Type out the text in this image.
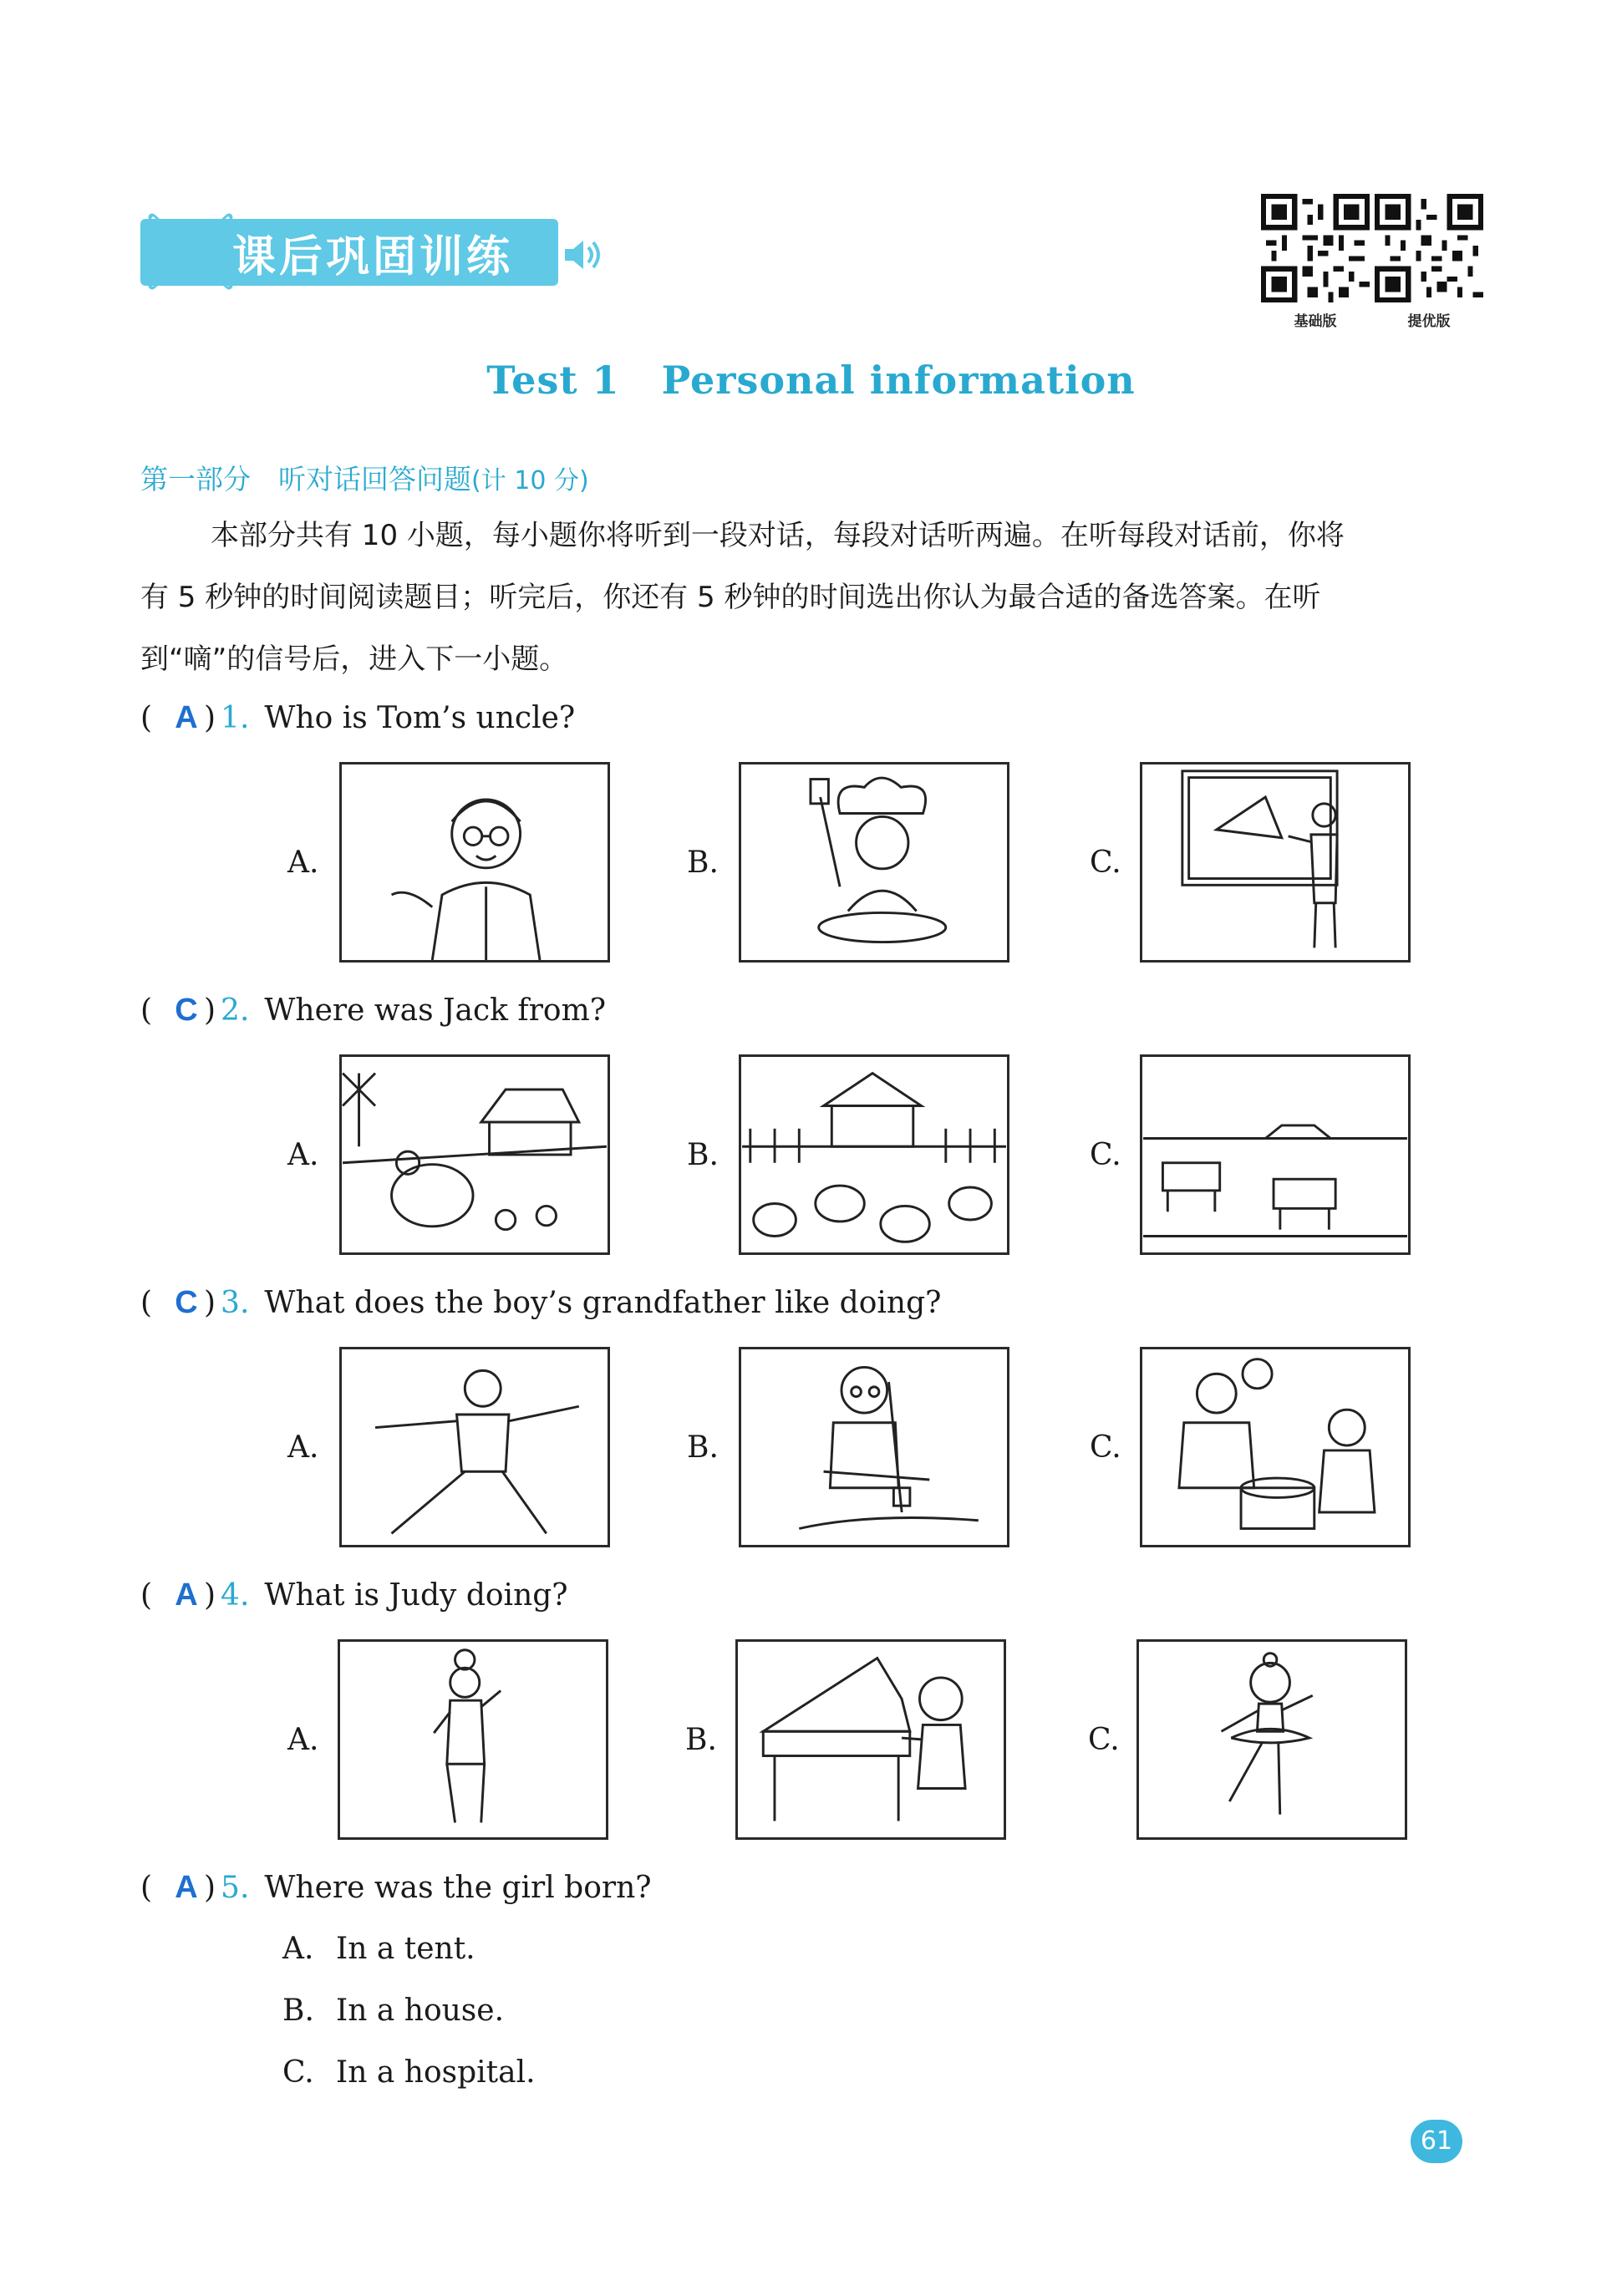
课后巩固训练
基础版	提优版
Test 1 Personal information
第一部分　听对话回答问题(计 10 分)
本部分共有 10 小题，每小题你将听到一段对话，每段对话听两遍。在听每段对话前，你将
有 5 秒钟的时间阅读题目；听完后，你还有 5 秒钟的时间选出你认为最合适的备选答案。在听
到“嘀”的信号后，进入下一小题。
( A ) 1. Who is Tom’s uncle?
A.	B.	C.
( C ) 2. Where was Jack from?
A.	B.	C.
( C ) 3. What does the boy’s grandfather like doing?
A.	B.	C.
( A ) 4. What is Judy doing?
A.	B.	C.
( A ) 5. Where was the girl born?
A. In a tent.
B. In a house.
C. In a hospital.
61
